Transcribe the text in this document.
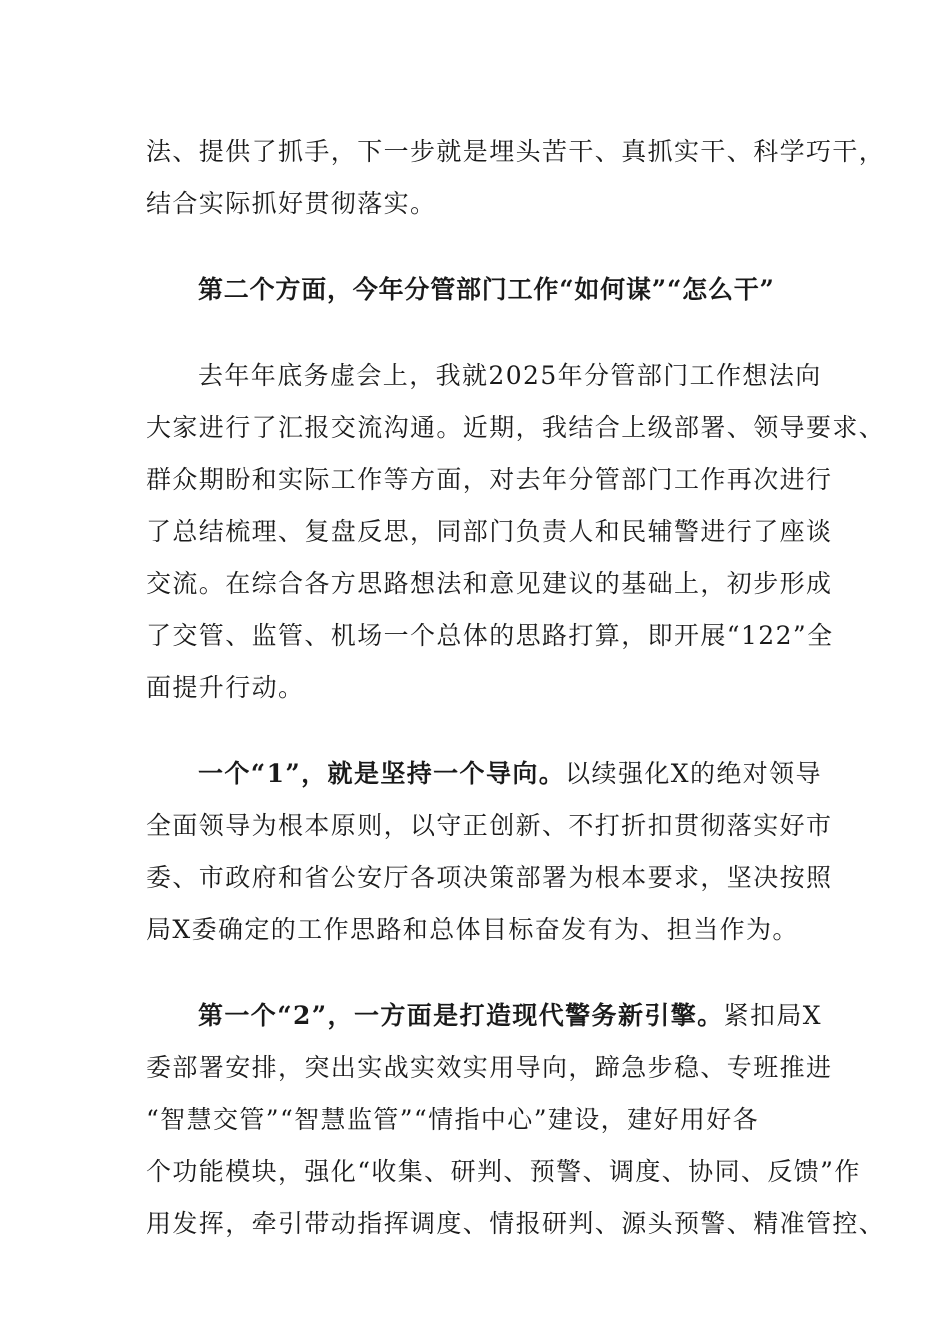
法、提供了抓手，下一步就是埋头苦干、真抓实干、科学巧干，
结合实际抓好贯彻落实。
第二个方面，今年分管部门工作“如何谋”“怎么干”
去年年底务虚会上，我就2025年分管部门工作想法向
大家进行了汇报交流沟通。近期，我结合上级部署、领导要求、
群众期盼和实际工作等方面，对去年分管部门工作再次进行
了总结梳理、复盘反思，同部门负责人和民辅警进行了座谈
交流。在综合各方思路想法和意见建议的基础上，初步形成
了交管、监管、机场一个总体的思路打算，即开展“122”全
面提升行动。
一个“1”，就是坚持一个导向。以续强化X的绝对领导
全面领导为根本原则，以守正创新、不打折扣贯彻落实好市
委、市政府和省公安厅各项决策部署为根本要求，坚决按照
局X委确定的工作思路和总体目标奋发有为、担当作为。
第一个“2”，一方面是打造现代警务新引擎。紧扣局X
委部署安排，突出实战实效实用导向，蹄急步稳、专班推进
“智慧交管”“智慧监管”“情指中心”建设，建好用好各
个功能模块，强化“收集、研判、预警、调度、协同、反馈”作
用发挥，牵引带动指挥调度、情报研判、源头预警、精准管控、
